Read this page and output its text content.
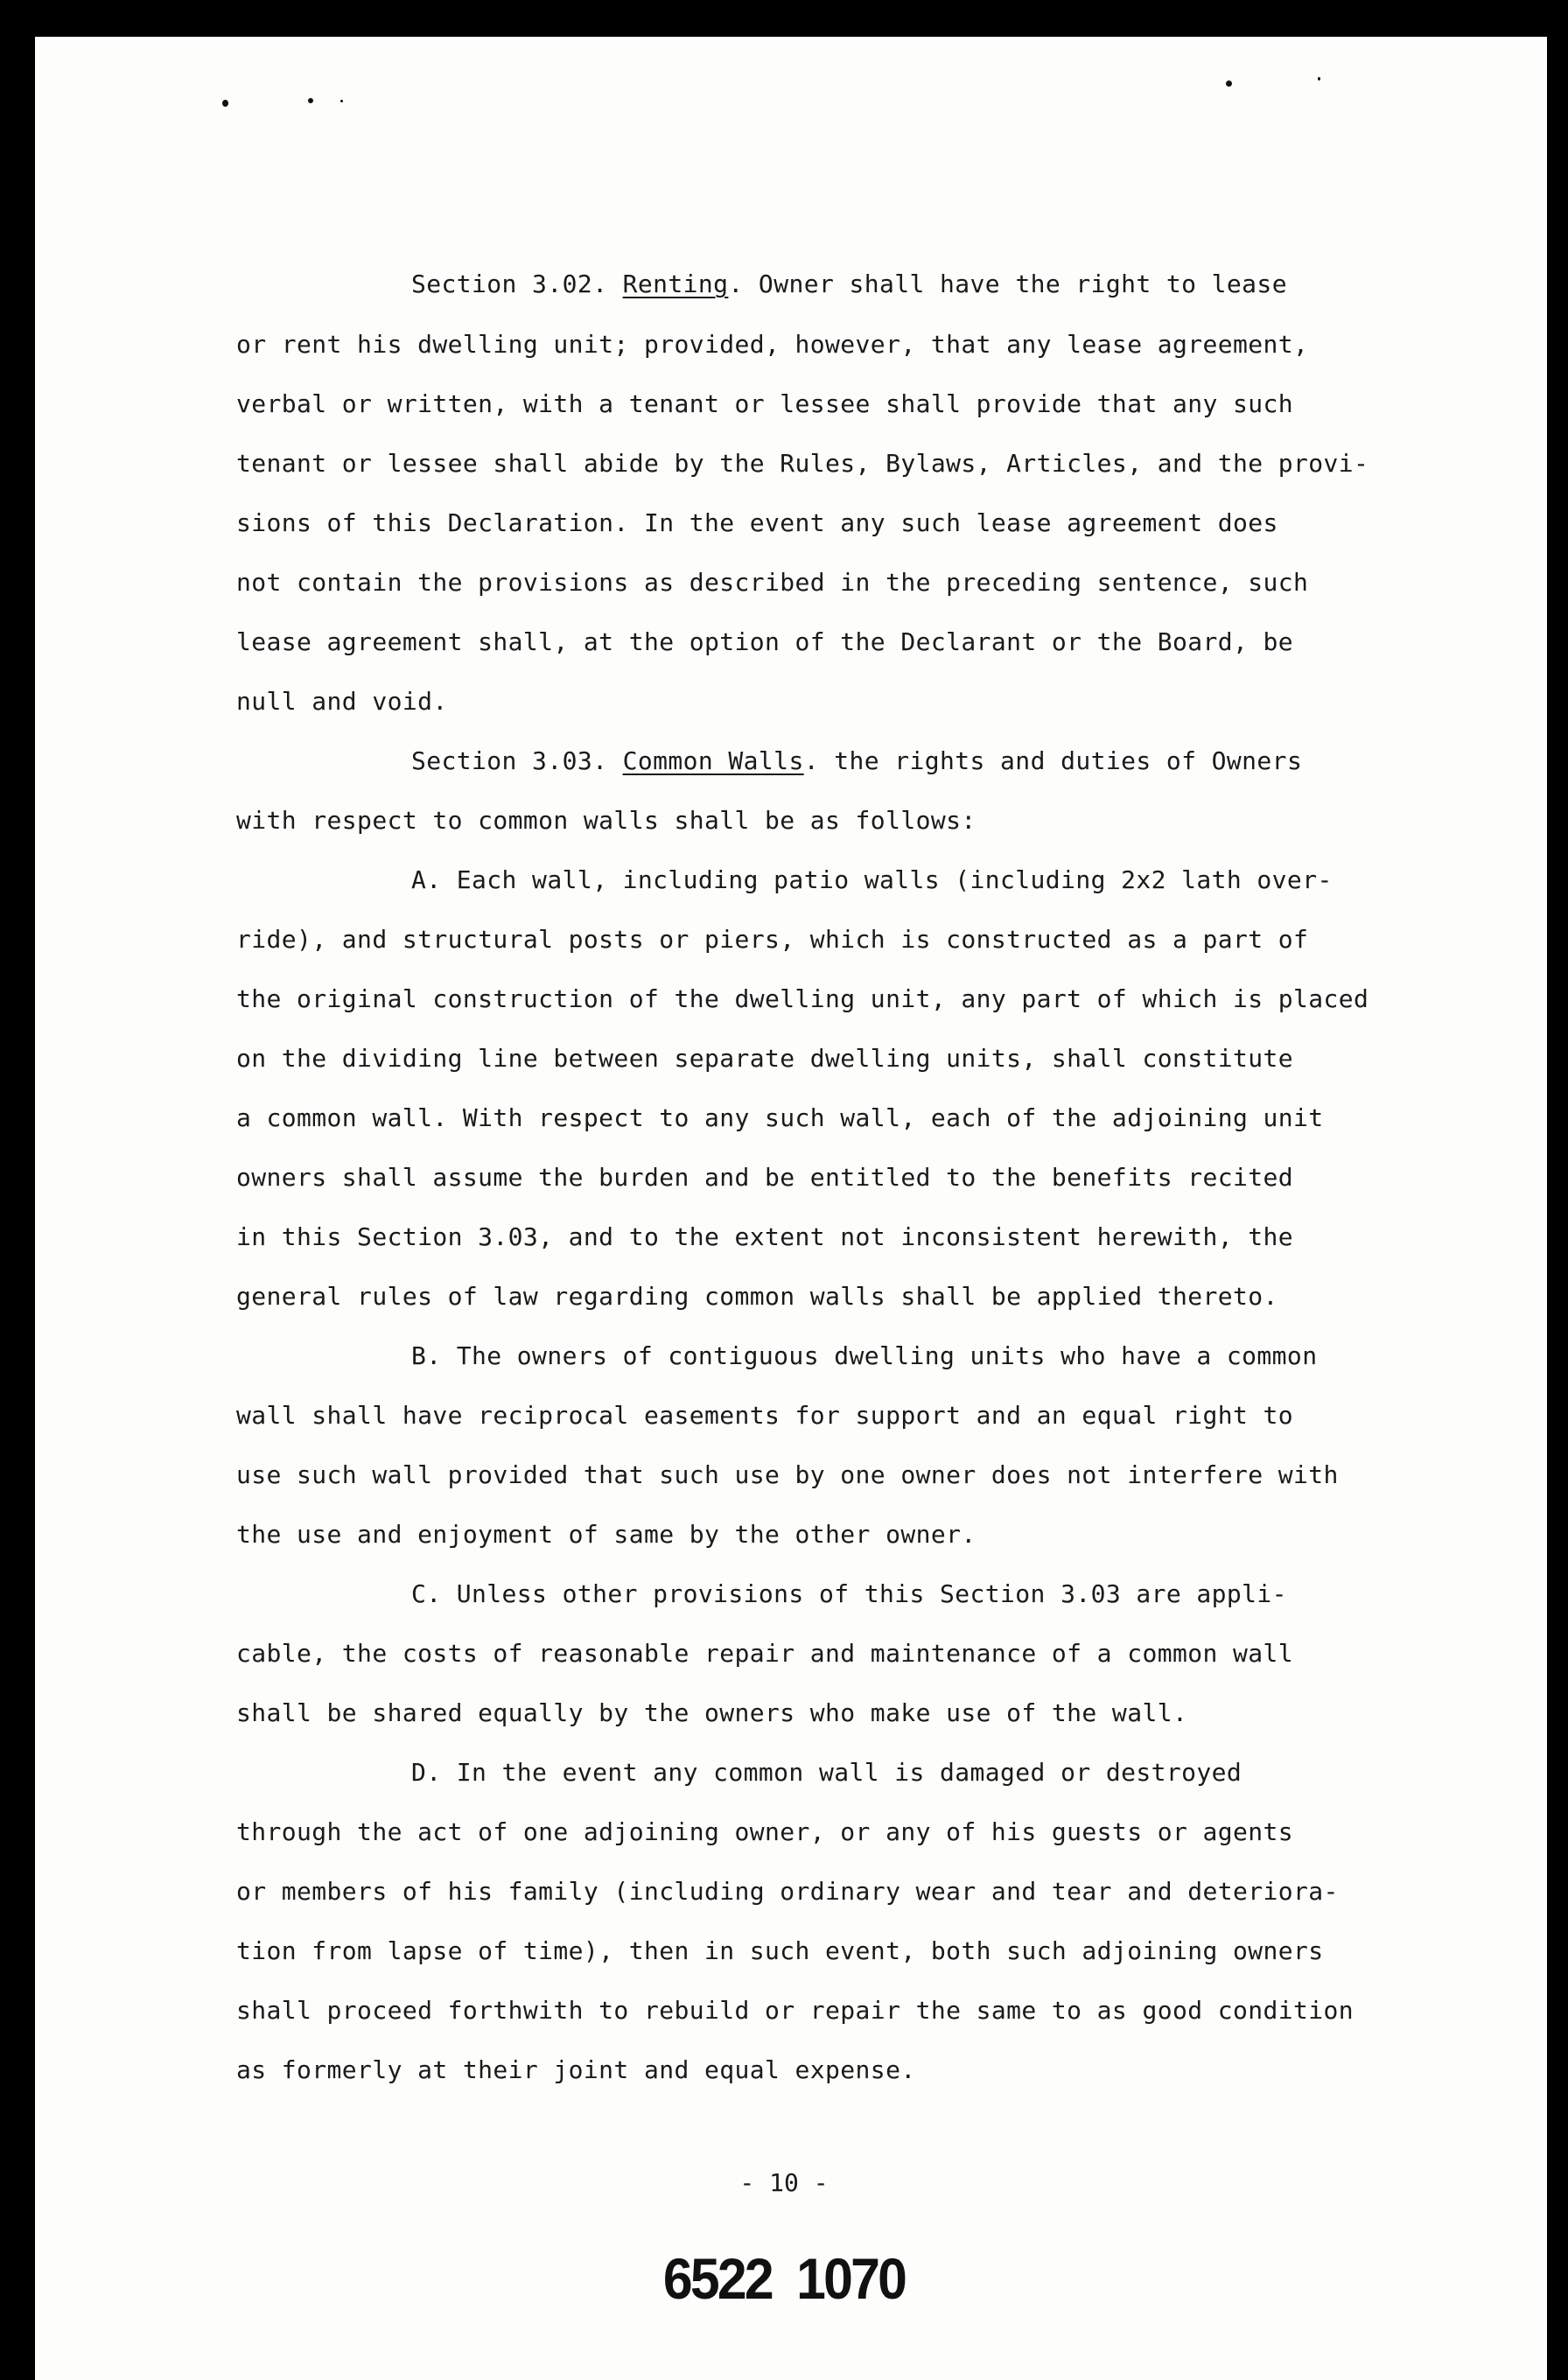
Section 3.02. Renting. Owner shall have the right to lease

or rent his dwelling unit; provided, however, that any lease agreement,

verbal or written, with a tenant or lessee shall provide that any such

tenant or lessee shall abide by the Rules, Bylaws, Articles, and the provi-

sions of this Declaration. In the event any such lease agreement does

not contain the provisions as described in the preceding sentence, such

lease agreement shall, at the option of the Declarant or the Board, be

null and void.

Section 3.03. Common Walls. the rights and duties of Owners

with respect to common walls shall be as follows:

A. Each wall, including patio walls (including 2x2 lath over-

ride), and structural posts or piers, which is constructed as a part of

the original construction of the dwelling unit, any part of which is placed

on the dividing line between separate dwelling units, shall constitute

a common wall. With respect to any such wall, each of the adjoining unit

owners shall assume the burden and be entitled to the benefits recited

in this Section 3.03, and to the extent not inconsistent herewith, the

general rules of law regarding common walls shall be applied thereto.

B. The owners of contiguous dwelling units who have a common

wall shall have reciprocal easements for support and an equal right to

use such wall provided that such use by one owner does not interfere with

the use and enjoyment of same by the other owner.

C. Unless other provisions of this Section 3.03 are appli-

cable, the costs of reasonable repair and maintenance of a common wall

shall be shared equally by the owners who make use of the wall.

D. In the event any common wall is damaged or destroyed

through the act of one adjoining owner, or any of his guests or agents

or members of his family (including ordinary wear and tear and deteriora-

tion from lapse of time), then in such event, both such adjoining owners

shall proceed forthwith to rebuild or repair the same to as good condition

as formerly at their joint and equal expense.

- 10 -
6522   1070
